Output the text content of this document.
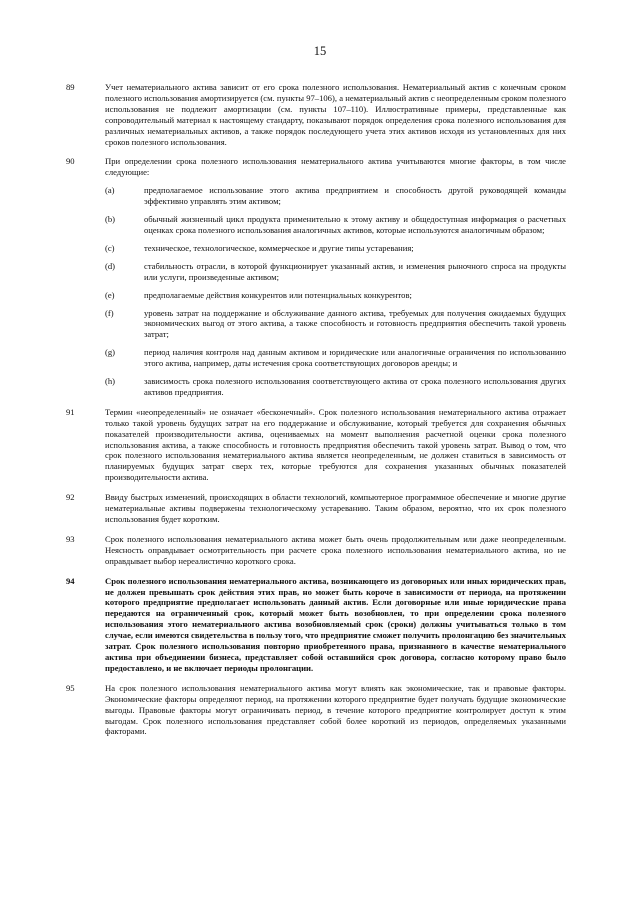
15
89	Учет нематериального актива зависит от его срока полезного использования. Нематериальный актив с конечным сроком полезного использования амортизируется (см. пункты 97–106), а нематериальный актив с неопределенным сроком полезного использования не подлежит амортизации (см. пункты 107–110). Иллюстративные примеры, представленные как сопроводительный материал к настоящему стандарту, показывают порядок определения срока полезного использования для различных нематериальных активов, а также порядок последующего учета этих активов исходя из установленных для них сроков полезного использования.
90	При определении срока полезного использования нематериального актива учитываются многие факторы, в том числе следующие:
(a)	предполагаемое использование этого актива предприятием и способность другой руководящей команды эффективно управлять этим активом;
(b)	обычный жизненный цикл продукта применительно к этому активу и общедоступная информация о расчетных оценках срока полезного использования аналогичных активов, которые используются аналогичным образом;
(c)	техническое, технологическое, коммерческое и другие типы устаревания;
(d)	стабильность отрасли, в которой функционирует указанный актив, и изменения рыночного спроса на продукты или услуги, произведенные активом;
(e)	предполагаемые действия конкурентов или потенциальных конкурентов;
(f)	уровень затрат на поддержание и обслуживание данного актива, требуемых для получения ожидаемых будущих экономических выгод от этого актива, а также способность и готовность предприятия обеспечить такой уровень затрат;
(g)	период наличия контроля над данным активом и юридические или аналогичные ограничения по использованию этого актива, например, даты истечения срока соответствующих договоров аренды; и
(h)	зависимость срока полезного использования соответствующего актива от срока полезного использования других активов предприятия.
91	Термин «неопределенный» не означает «бесконечный». Срок полезного использования нематериального актива отражает только такой уровень будущих затрат на его поддержание и обслуживание, который требуется для сохранения обычных показателей производительности актива, оцениваемых на момент выполнения расчетной оценки срока полезного использования актива, а также способность и готовность предприятия обеспечить такой уровень затрат. Вывод о том, что срок полезного использования нематериального актива является неопределенным, не должен ставиться в зависимость от планируемых будущих затрат сверх тех, которые требуются для сохранения указанных обычных показателей производительности актива.
92	Ввиду быстрых изменений, происходящих в области технологий, компьютерное программное обеспечение и многие другие нематериальные активы подвержены технологическому устареванию. Таким образом, вероятно, что их срок полезного использования будет коротким.
93	Срок полезного использования нематериального актива может быть очень продолжительным или даже неопределенным. Неясность оправдывает осмотрительность при расчете срока полезного использования нематериального актива, но не оправдывает выбор нереалистично короткого срока.
94	Срок полезного использования нематериального актива, возникающего из договорных или иных юридических прав, не должен превышать срок действия этих прав, но может быть короче в зависимости от периода, на протяжении которого предприятие предполагает использовать данный актив. Если договорные или иные юридические права передаются на ограниченный срок, который может быть возобновлен, то при определении срока полезного использования этого нематериального актива возобновляемый срок (сроки) должны учитываться только в том случае, если имеются свидетельства в пользу того, что предприятие сможет получить пролонгацию без значительных затрат. Срок полезного использования повторно приобретенного права, признанного в качестве нематериального актива при объединении бизнеса, представляет собой оставшийся срок договора, согласно которому право было предоставлено, и не включает периоды пролонгации.
95	На срок полезного использования нематериального актива могут влиять как экономические, так и правовые факторы. Экономические факторы определяют период, на протяжении которого предприятие будет получать будущие экономические выгоды. Правовые факторы могут ограничивать период, в течение которого предприятие контролирует доступ к этим выгодам. Срок полезного использования представляет собой более короткий из периодов, определяемых указанными факторами.
